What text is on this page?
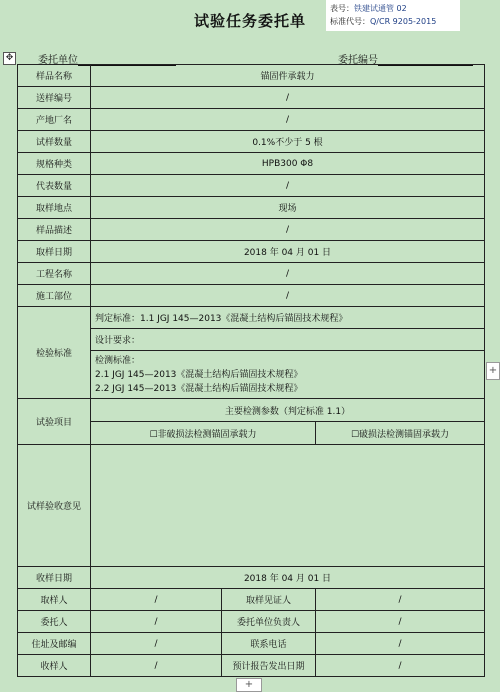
试验任务委托单
表号：铁建试通管 02
标准代号：Q/CR 9205-2015
✥ 委托单位	委托编号
样品名称	锚固件承载力		
送样编号	/		
产地厂名	/		
试样数量	0.1%不少于 5 根		
规格种类	HPB300 Φ8		
代表数量	/		
取样地点	现场		
样品描述	/		
取样日期	2018 年 04 月 01 日		
工程名称	/		
施工部位	/		
检验标准	判定标准：1.1 JGJ 145—2013《混凝土结构后锚固技术规程》		
	设计要求：		

	检测标准：
2.1 JGJ 145—2013《混凝土结构后锚固技术规程》
2.2 JGJ 145—2013《混凝土结构后锚固技术规程》		

试验项目	主要检测参数（判定标准 1.1）		
	☐非破损法检测锚固承载力		☐破损法检测锚固承载力
试样验收意见			
收样日期	2018 年 04 月 01 日		
取样人	/	取样见证人	/
委托人	/	委托单位负责人	/
住址及邮编	/	联系电话	/
收样人	/	预计报告发出日期	/
+
+
